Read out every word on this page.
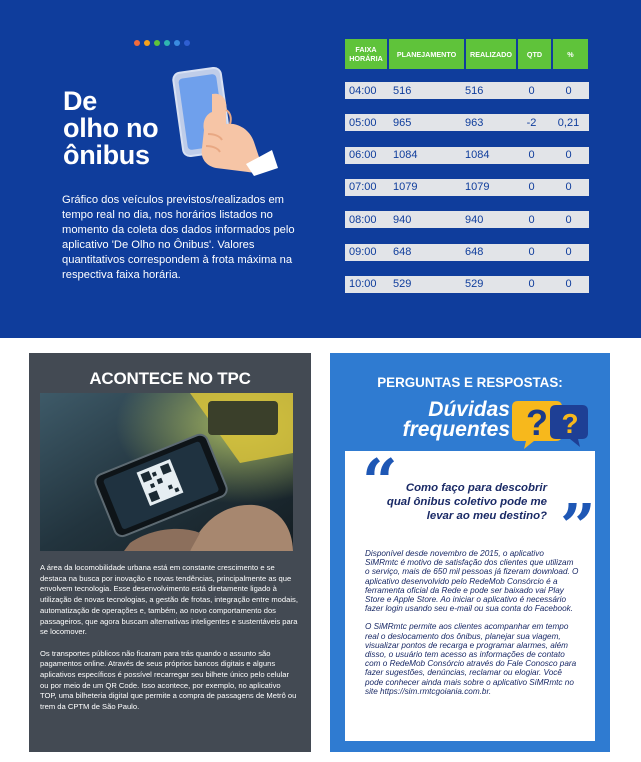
De
olho no
ônibus
Gráfico dos veículos previstos/realizados em tempo real no dia, nos horários listados no momento da coleta dos dados informados pelo aplicativo 'De Olho no Ônibus'. Valores quantitativos correspondem à frota máxima na respectiva faixa horária.
FAIXA HORÁRIA	PLANEJAMENTO	REALIZADO	QTD	%
04:00	516	516	0	0
05:00	965	963	-2	0,21
06:00	1084	1084	0	0
07:00	1079	1079	0	0
08:00	940	940	0	0
09:00	648	648	0	0
10:00	529	529	0	0
ACONTECE NO TPC

A área da locomobilidade urbana está em constante crescimento e se destaca na busca por inovação e novas tendências, principalmente as que envolvem tecnologia. Esse desenvolvimento está diretamente ligado à utilização de novas tecnologias, a gestão de frotas, integração entre modais, automatização de operações e, também, ao novo comportamento dos passageiros, que agora buscam alternativas inteligentes e sustentáveis para se locomover.

Os transportes públicos não ficaram para trás quando o assunto são pagamentos online. Através de seus próprios bancos digitais e alguns aplicativos específicos é possível recarregar seu bilhete único pelo celular ou por meio de um QR Code. Isso acontece, por exemplo, no aplicativo TOP, uma bilheteria digital que permite a compra de passagens de Metrô ou trem da CPTM de São Paulo.

PERGUNTAS E RESPOSTAS:
Dúvidas
frequentes ? ?
“ Como faço para descobrir qual ônibus coletivo pode me levar ao meu destino? ”

Disponível desde novembro de 2015, o aplicativo SiMRmtc é motivo de satisfação dos clientes que utilizam o serviço, mais de 650 mil pessoas já fizeram download. O aplicativo desenvolvido pelo RedeMob Consórcio é a ferramenta oficial da Rede e pode ser baixado vai Play Store e Apple Store. Ao iniciar o aplicativo é necessário fazer login usando seu e-mail ou sua conta do Facebook.

O SiMRmtc permite aos clientes acompanhar em tempo real o deslocamento dos ônibus, planejar sua viagem, visualizar pontos de recarga e programar alarmes, além disso, o usuário tem acesso as informações de contato com o RedeMob Consórcio através do Fale Conosco para fazer sugestões, denúncias, reclamar ou elogiar. Você pode conhecer ainda mais sobre o aplicativo SiMRmtc no site https://sim.rmtcgoiania.com.br.
